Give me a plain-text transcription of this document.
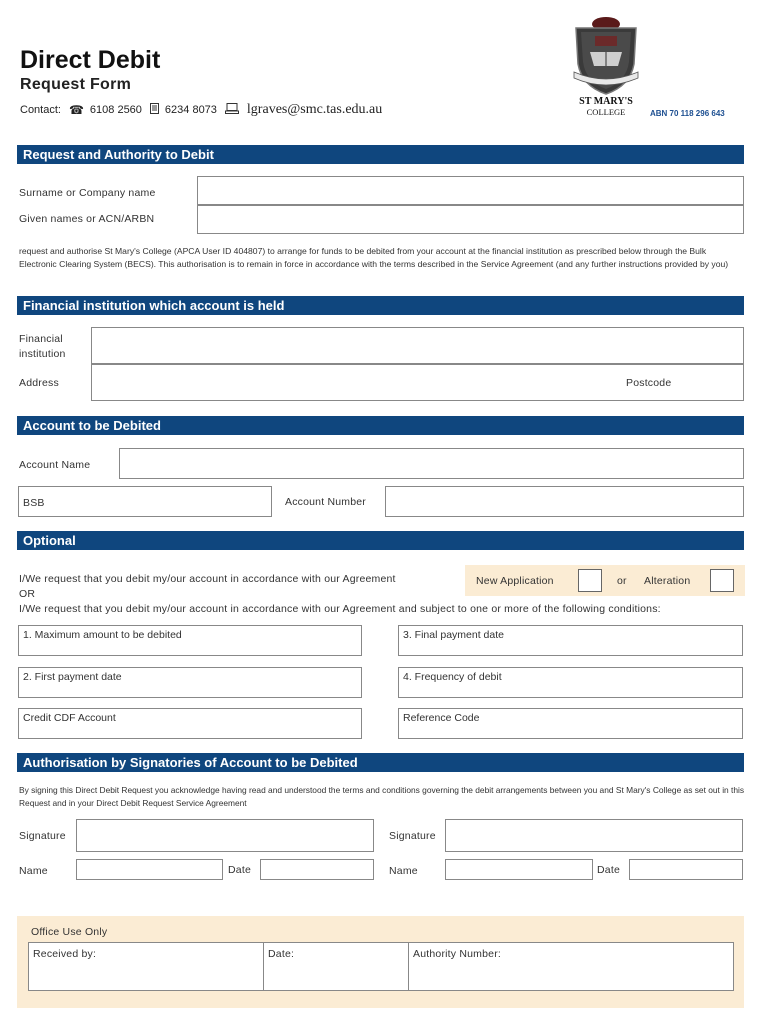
Direct Debit
Request Form
Contact: ☎ 6108 2560 6234 8073 lgraves@smc.tas.edu.au
ST MARY'S
COLLEGE	ABN 70 118 296 643
Request and Authority to Debit
Surname or Company name
Given names or ACN/ARBN
request and authorise St Mary's College (APCA User ID 404807) to arrange for funds to be debited from your account at the financial institution as prescribed below through the Bulk Electronic Clearing System (BECS). This authorisation is to remain in force in accordance with the terms described in the Service Agreement (and any further instructions provided by you)
Financial institution which account is held
Financial
institution
Address	Postcode
Account to be Debited
Account Name
BSB	Account Number
Optional
I/We request that you debit my/our account in accordance with our Agreement
OR
I/We request that you debit my/our account in accordance with our Agreement and subject to one or more of the following conditions:
New Application	or Alteration
1. Maximum amount to be debited	3. Final payment date
2. First payment date	4. Frequency of debit
Credit CDF Account	Reference Code
Authorisation by Signatories of Account to be Debited
By signing this Direct Debit Request you acknowledge having read and understood the terms and conditions governing the debit arrangements between you and St Mary's College as set out in this Request and in your Direct Debit Request Service Agreement
Signature	Signature
Name	Date	Name	Date
Office Use Only
Received by:	Date:	Authority Number:
